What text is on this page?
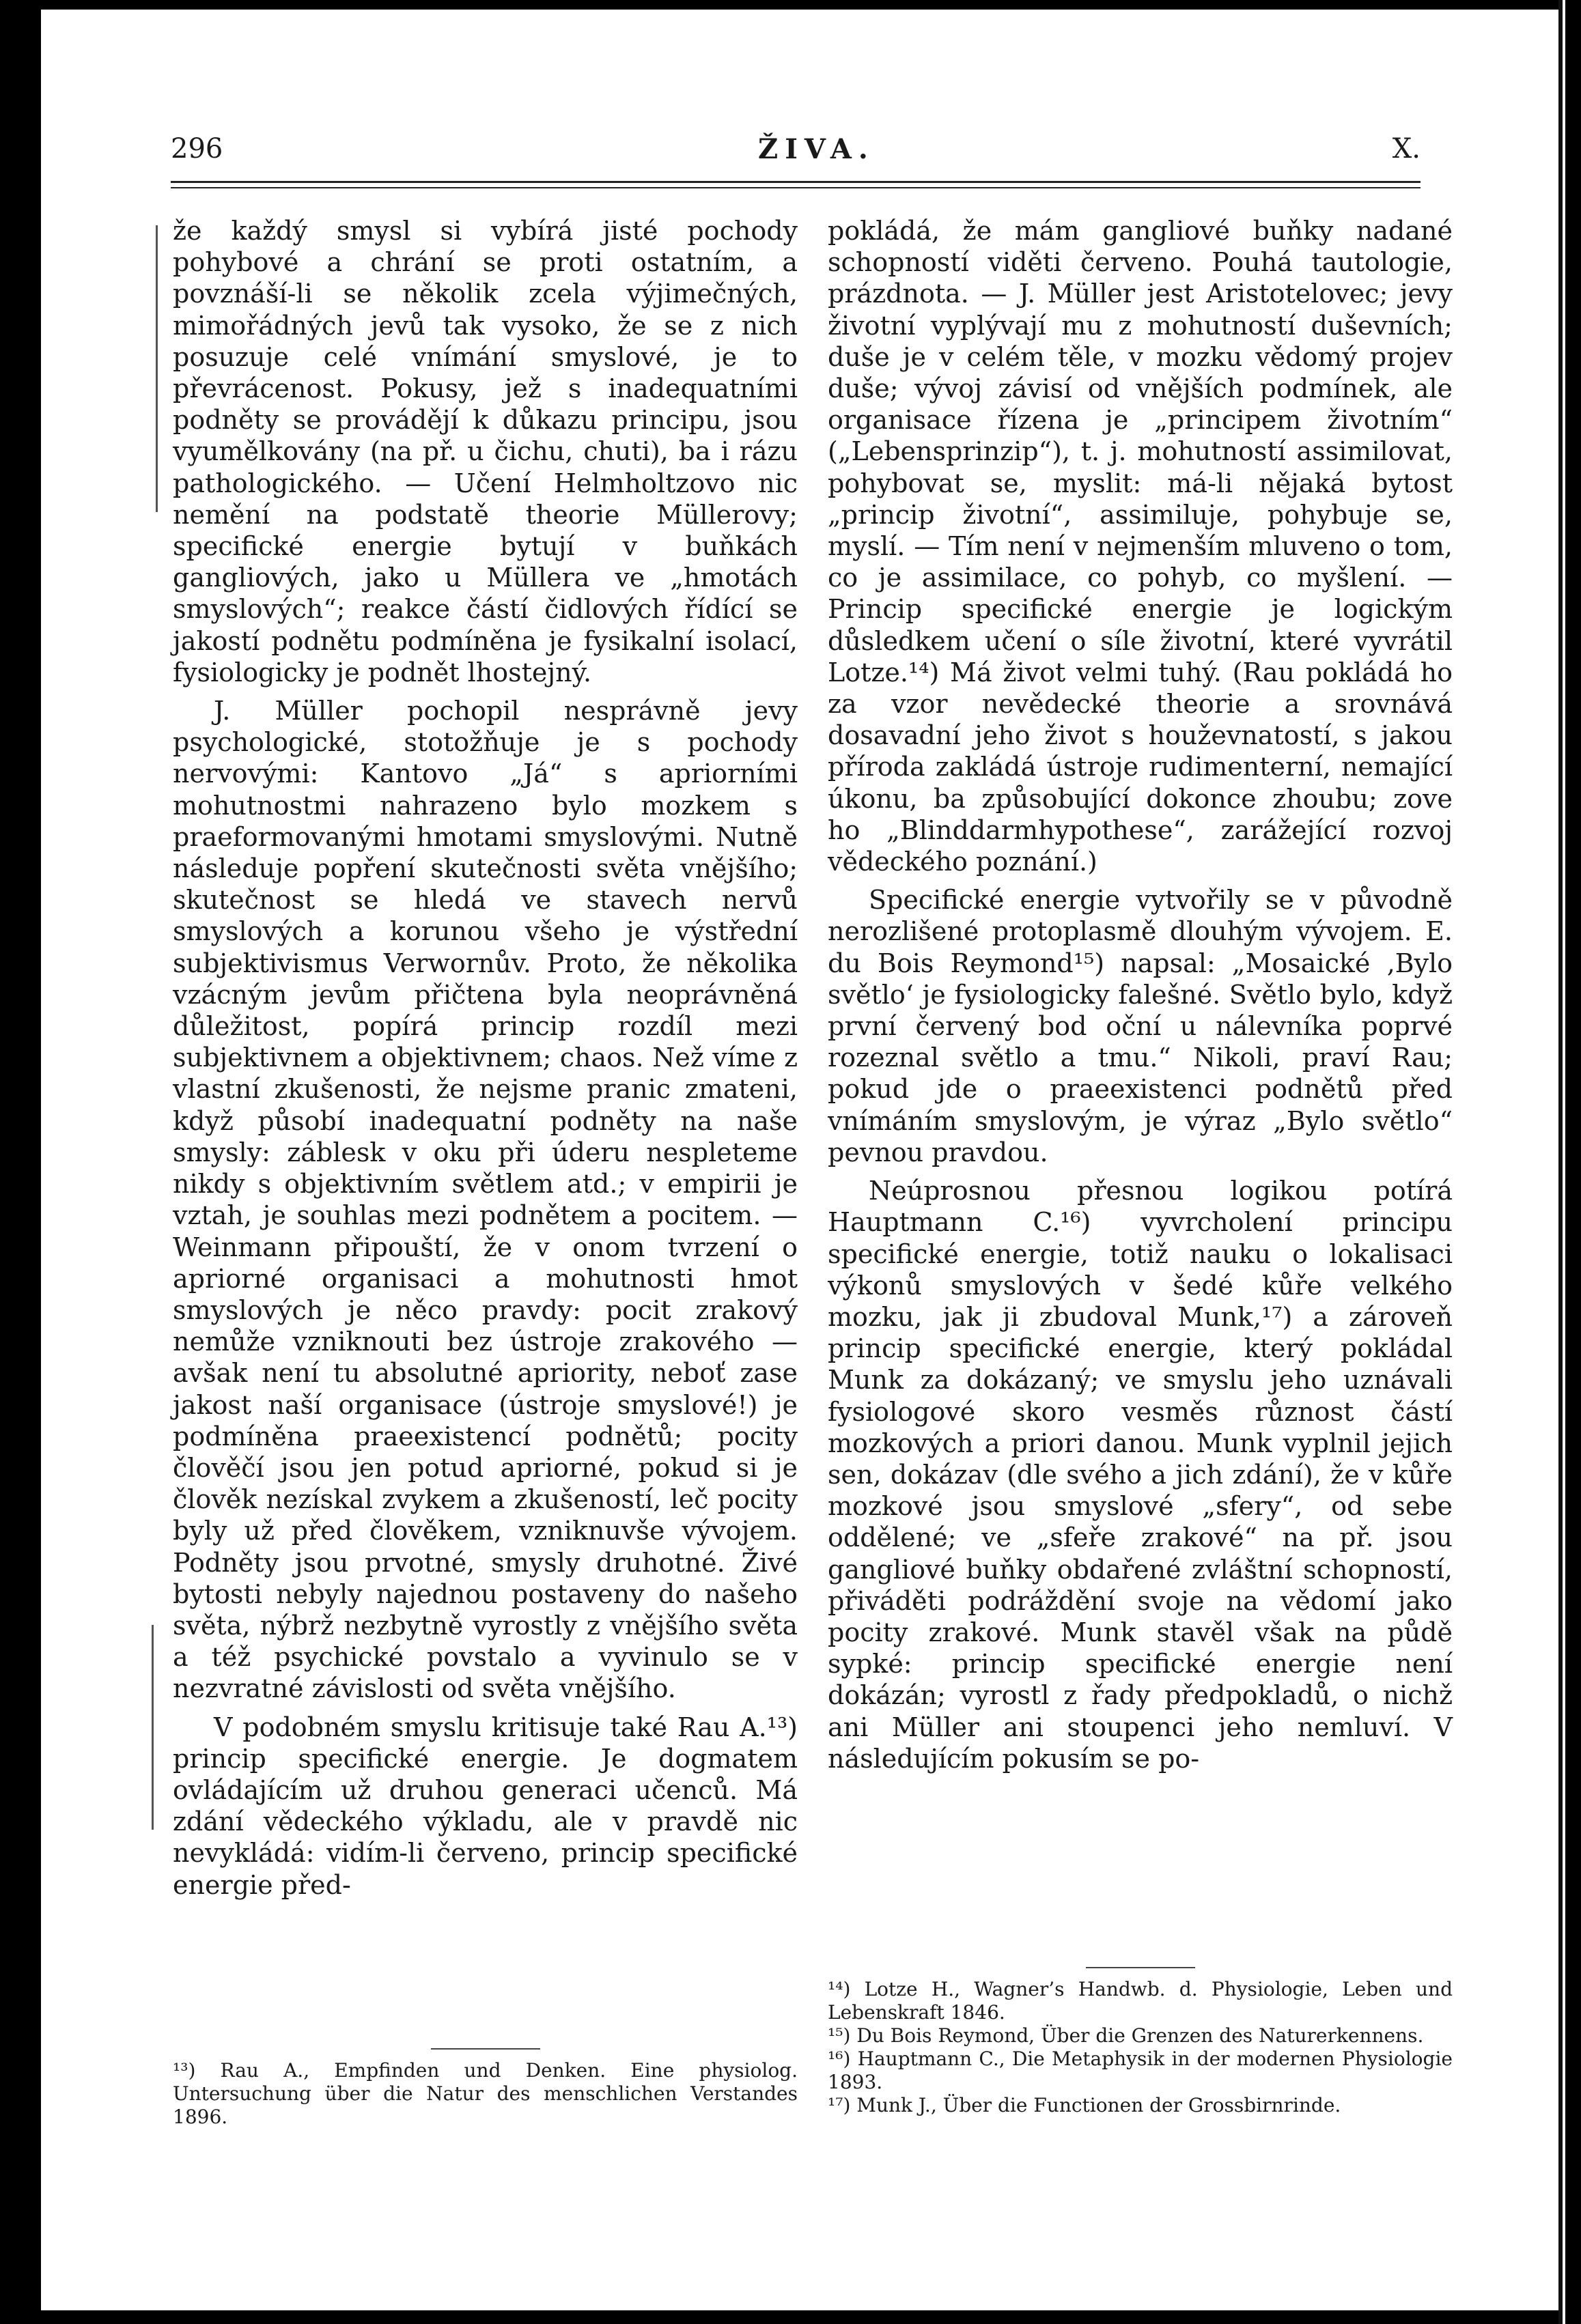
296	ŽIVA.	X.

že každý smysl si vybírá jisté pochody pohybové a chrání se proti ostatním, a povznáší-li se několik zcela výjimečných, mimořádných jevů tak vysoko, že se z nich posuzuje celé vnímání smyslové, je to převrácenost. Pokusy, jež s inadequatními podněty se provádějí k důkazu principu, jsou vyumělkovány (na př. u čichu, chuti), ba i rázu pathologického. — Učení Helmholtzovo nic nemění na podstatě theorie Müllerovy; specifické energie bytují v buňkách gangliových, jako u Müllera ve „hmotách smyslových“; reakce částí čidlových řídící se jakostí podnětu podmíněna je fysikalní isolací, fysiologicky je podnět lhostejný.

J. Müller pochopil nesprávně jevy psychologické, stotožňuje je s pochody nervovými: Kantovo „Já“ s apriorními mohutnostmi nahrazeno bylo mozkem s praeformovanými hmotami smyslovými. Nutně následuje popření skutečnosti světa vnějšího; skutečnost se hledá ve stavech nervů smyslových a korunou všeho je výstřední subjektivismus Verwornův. Proto, že několika vzácným jevům přičtena byla neoprávněná důležitost, popírá princip rozdíl mezi subjektivnem a objektivnem; chaos. Než víme z vlastní zkušenosti, že nejsme pranic zmateni, když působí inadequatní podněty na naše smysly: záblesk v oku při úderu nespleteme nikdy s objektivním světlem atd.; v empirii je vztah, je souhlas mezi podnětem a pocitem. — Weinmann připouští, že v onom tvrzení o apriorné organisaci a mohutnosti hmot smyslových je něco pravdy: pocit zrakový nemůže vzniknouti bez ústroje zrakového — avšak není tu absolutné apriority, neboť zase jakost naší organisace (ústroje smyslové!) je podmíněna praeexistencí podnětů; pocity člověčí jsou jen potud apriorné, pokud si je člověk nezískal zvykem a zkušeností, leč pocity byly už před člověkem, vzniknuvše vývojem. Podněty jsou prvotné, smysly druhotné. Živé bytosti nebyly najednou postaveny do našeho světa, nýbrž nezbytně vyrostly z vnějšího světa a též psychické povstalo a vyvinulo se v nezvratné závislosti od světa vnějšího.

V podobném smyslu kritisuje také Rau A.¹³) princip specifické energie. Je dogmatem ovládajícím už druhou generaci učenců. Má zdání vědeckého výkladu, ale v pravdě nic nevykládá: vidím-li červeno, princip specifické energie před-

pokládá, že mám gangliové buňky nadané schopností viděti červeno. Pouhá tautologie, prázdnota. — J. Müller jest Aristotelovec; jevy životní vyplývají mu z mohutností duševních; duše je v celém těle, v mozku vědomý projev duše; vývoj závisí od vnějších podmínek, ale organisace řízena je „principem životním“ („Lebensprinzip“), t. j. mohutností assimilovat, pohybovat se, myslit: má-li nějaká bytost „princip životní“, assimiluje, pohybuje se, myslí. — Tím není v nejmenším mluveno o tom, co je assimilace, co pohyb, co myšlení. — Princip specifické energie je logickým důsledkem učení o síle životní, které vyvrátil Lotze.¹⁴) Má život velmi tuhý. (Rau pokládá ho za vzor nevědecké theorie a srovnává dosavadní jeho život s houževnatostí, s jakou příroda zakládá ústroje rudimenterní, nemající úkonu, ba způsobující dokonce zhoubu; zove ho „Blinddarmhypothese“, zarážející rozvoj vědeckého poznání.)

Specifické energie vytvořily se v původně nerozlišené protoplasmě dlouhým vývojem. E. du Bois Reymond¹⁵) napsal: „Mosaické ‚Bylo světlo‘ je fysiologicky falešné. Světlo bylo, když první červený bod oční u nálevníka poprvé rozeznal světlo a tmu.“ Nikoli, praví Rau; pokud jde o praeexistenci podnětů před vnímáním smyslovým, je výraz „Bylo světlo“ pevnou pravdou.

Neúprosnou přesnou logikou potírá Hauptmann C.¹⁶) vyvrcholení principu specifické energie, totiž nauku o lokalisaci výkonů smyslových v šedé kůře velkého mozku, jak ji zbudoval Munk,¹⁷) a zároveň princip specifické energie, který pokládal Munk za dokázaný; ve smyslu jeho uznávali fysiologové skoro vesměs různost částí mozkových a priori danou. Munk vyplnil jejich sen, dokázav (dle svého a jich zdání), že v kůře mozkové jsou smyslové „sfery“, od sebe oddělené; ve „sfeře zrakové“ na př. jsou gangliové buňky obdařené zvláštní schopností, přiváděti podráždění svoje na vědomí jako pocity zrakové. Munk stavěl však na půdě sypké: princip specifické energie není dokázán; vyrostl z řady předpokladů, o nichž ani Müller ani stoupenci jeho nemluví. V následujícím pokusím se po-

¹³) Rau A., Empfinden und Denken. Eine physiolog. Untersuchung über die Natur des menschlichen Verstandes 1896.

¹⁴) Lotze H., Wagner’s Handwb. d. Physiologie, Leben und Lebenskraft 1846.

¹⁵) Du Bois Reymond, Über die Grenzen des Naturerkennens.

¹⁶) Hauptmann C., Die Metaphysik in der modernen Physiologie 1893.

¹⁷) Munk J., Über die Functionen der Grossbirnrinde.
